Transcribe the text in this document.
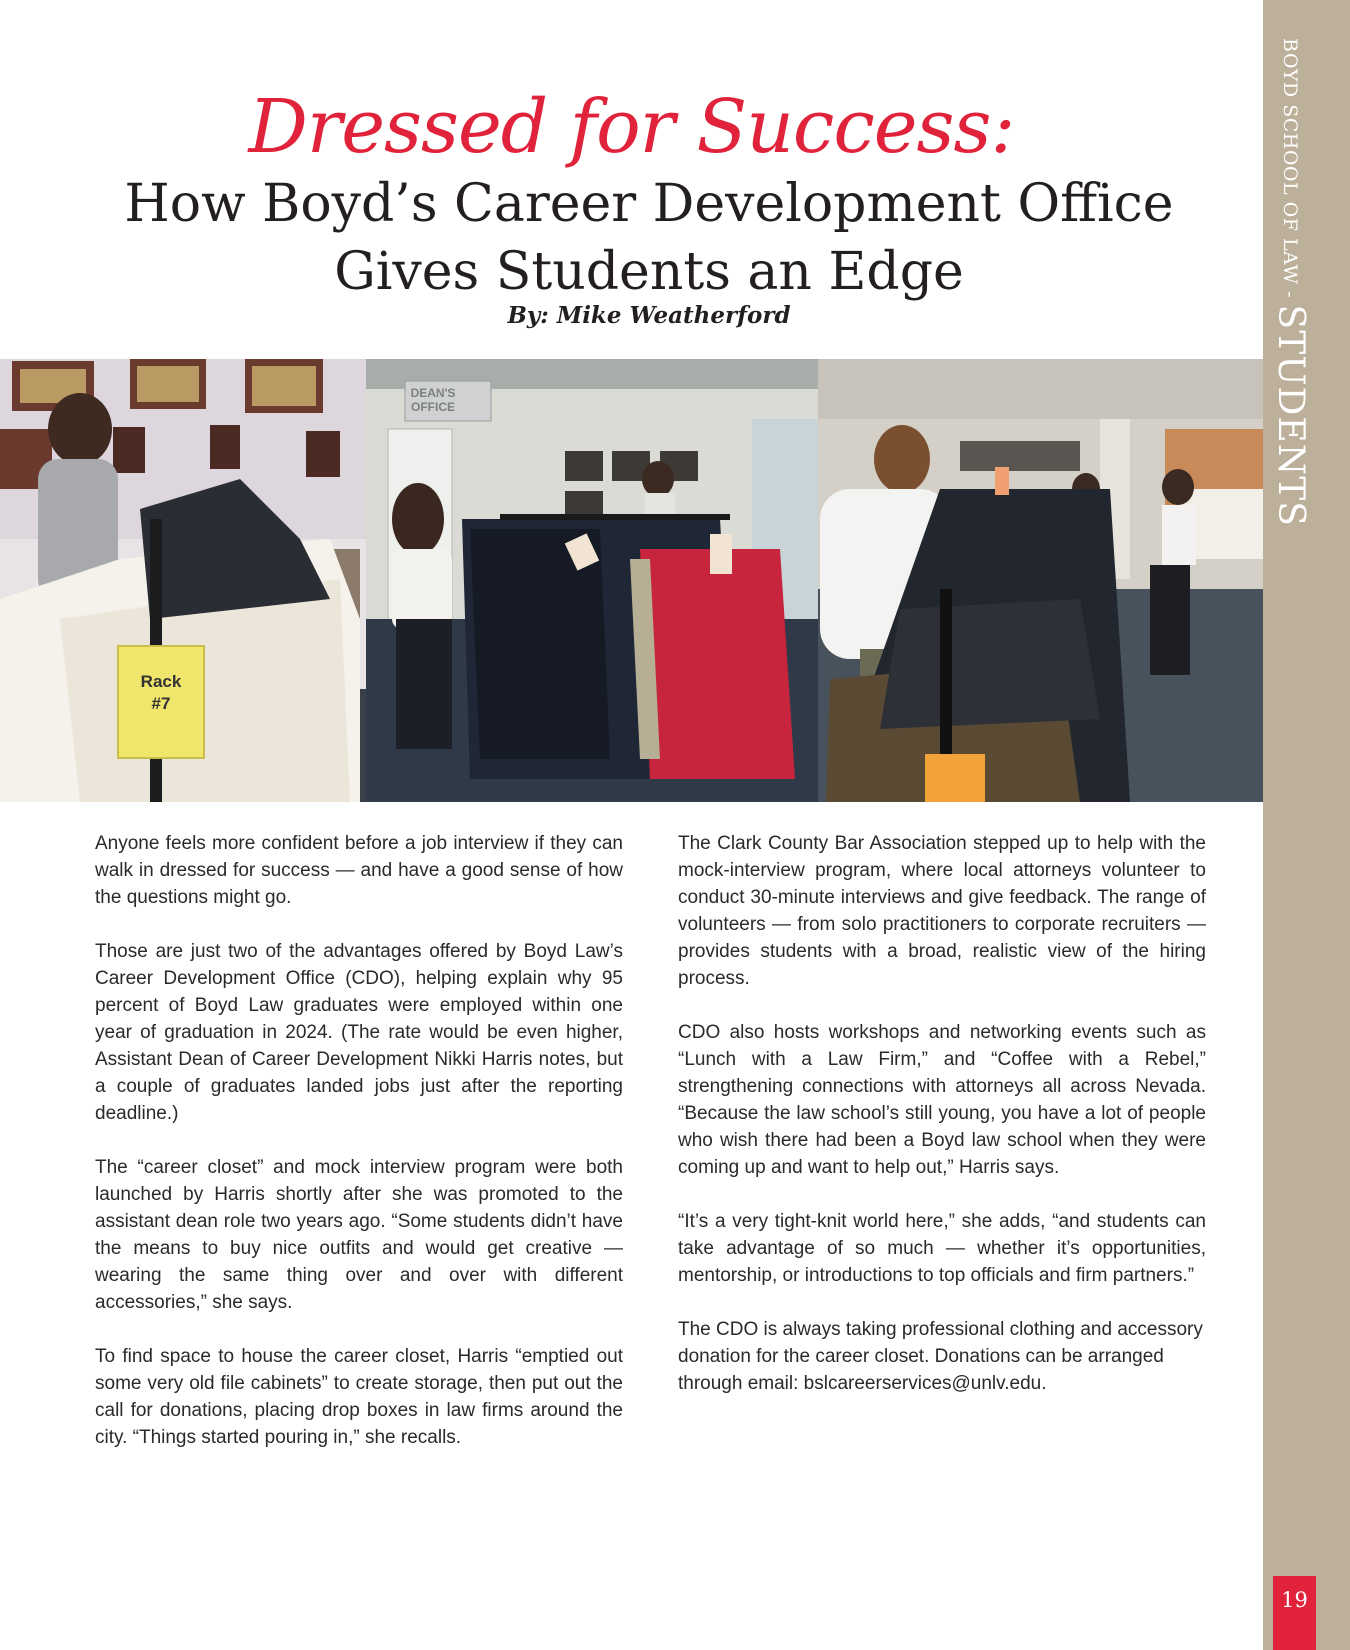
BOYD SCHOOL OF LAW - STUDENTS
19
Dressed for Success:
How Boyd’s Career Development Office
Gives Students an Edge
By: Mike Weatherford
Rack
#7
DEAN'S
OFFICE

Anyone feels more confident before a job interview if they can walk in dressed for success — and have a good sense of how the questions might go.

Those are just two of the advantages offered by Boyd Law’s Career Development Office (CDO), helping explain why 95 percent of Boyd Law graduates were employed within one year of graduation in 2024. (The rate would be even higher, Assistant Dean of Career Development Nikki Harris notes, but a couple of graduates landed jobs just after the reporting deadline.)

The “career closet” and mock interview program were both launched by Harris shortly after she was promoted to the assistant dean role two years ago. “Some students didn’t have the means to buy nice outfits and would get creative — wearing the same thing over and over with different accessories,” she says.

To find space to house the career closet, Harris “emptied out some very old file cabinets” to create storage, then put out the call for donations, placing drop boxes in law firms around the city. “Things started pouring in,” she recalls.

The Clark County Bar Association stepped up to help with the mock-interview program, where local attorneys volunteer to conduct 30-minute interviews and give feedback. The range of volunteers — from solo practitioners to corporate recruiters — provides students with a broad, realistic view of the hiring process.

CDO also hosts workshops and networking events such as “Lunch with a Law Firm,” and “Coffee with a Rebel,” strengthening connections with attorneys all across Nevada. “Because the law school’s still young, you have a lot of people who wish there had been a Boyd law school when they were coming up and want to help out,” Harris says.

“It’s a very tight-knit world here,” she adds, “and students can take advantage of so much — whether it’s opportunities, mentorship, or introductions to top officials and firm partners.”

The CDO is always taking professional clothing and accessory donation for the career closet. Donations can be arranged through email: bslcareerservices@unlv.edu.
